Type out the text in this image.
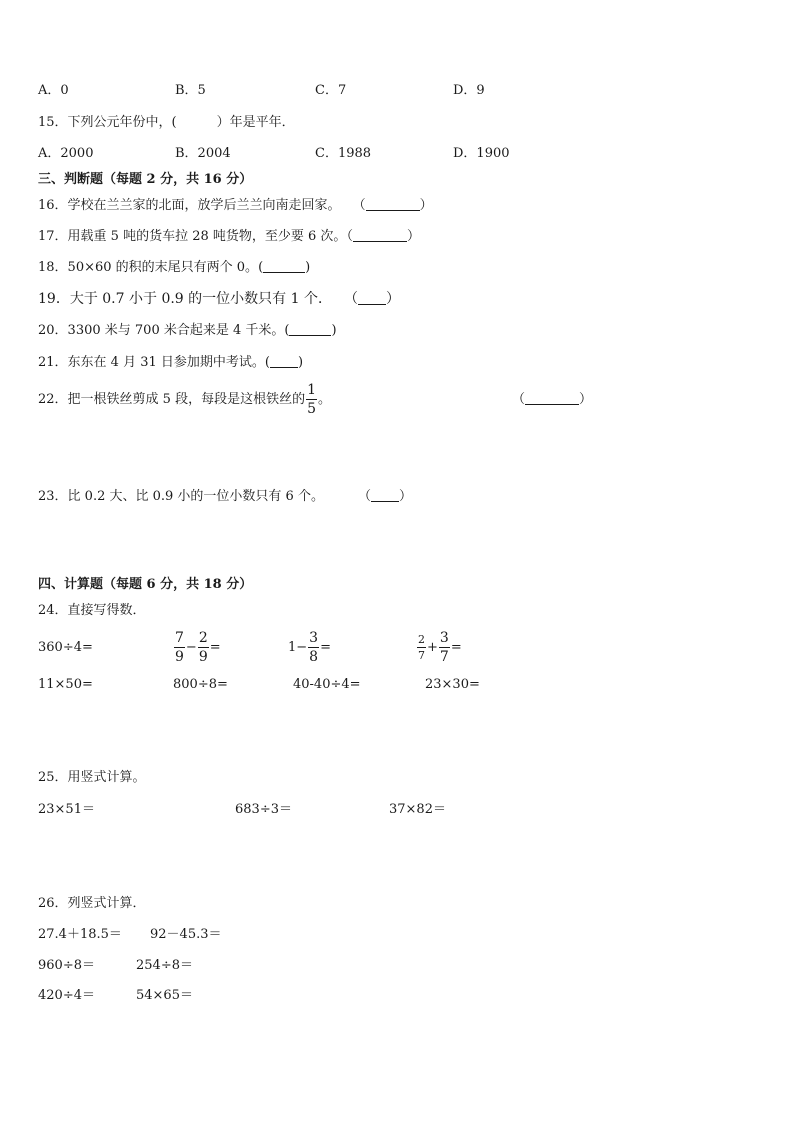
A．0	B．5	C．7	D．9
15．下列公元年份中，(	）年是平年．
A．2000	B．2004	C．1988	D．1900
三、判断题（每题 2 分，共 16 分）
16．学校在兰兰家的北面，放学后兰兰向南走回家。 （	）
17．用载重 5 吨的货车拉 28 吨货物，至少要 6 次。（	）
18．50×60 的积的末尾只有两个 0。(	)
19．大于 0.7 小于 0.9 的一位小数只有 1 个． （ ）
20．3300 米与 700 米合起来是 4 千米。(	)
21．东东在 4 月 31 日参加期中考试。( )
22．把一根铁丝剪成 5 段，每段是这根铁丝的 $\frac{1}{5}$ 。	（	）
23．比 0.2 大、比 0.9 小的一位小数只有 6 个。	（ ）
四、计算题（每题 6 分，共 18 分）
24．直接写得数．
360÷4=	$\frac{7}{9} - \frac{2}{9}$ =	$1- \frac{3}{8}$ =	$\frac{2}{7} + \frac{3}{7}$ =
11×50=	800÷8=	40-40÷4=	23×30=
25．用竖式计算。
23×51＝	683÷3＝	37×82＝
26．列竖式计算．
27.4＋18.5＝ 92－45.3＝
960÷8＝	254÷8＝
420÷4＝	54×65＝
